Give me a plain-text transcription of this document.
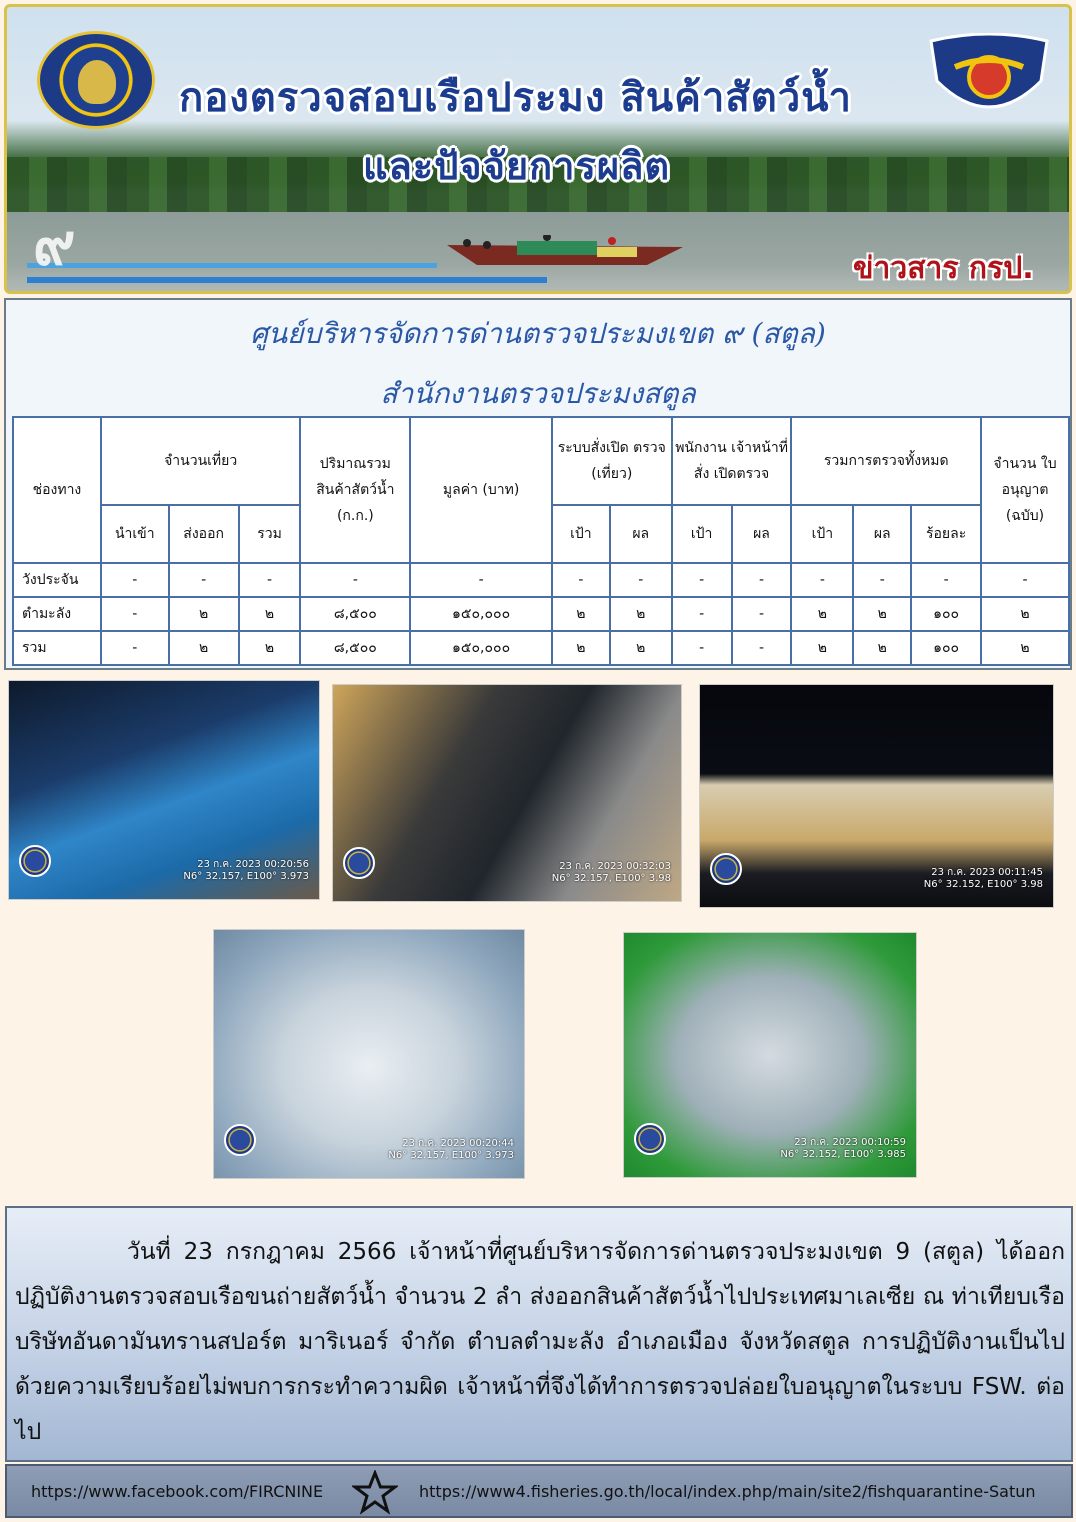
กองตรวจสอบเรือประมง สินค้าสัตว์น้ำ
และปัจจัยการผลิต
๙	ข่าวสาร กรป.
ศูนย์บริหารจัดการด่านตรวจประมงเขต ๙ (สตูล)
สำนักงานตรวจประมงสตูล
ช่องทาง	จำนวนเที่ยว			ปริมาณรวม สินค้าสัตว์น้ำ (ก.ก.)	มูลค่า (บาท)	ระบบสั่งเปิด ตรวจ (เที่ยว)		พนักงาน เจ้าหน้าที่สั่ง เปิดตรวจ		รวมการตรวจทั้งหมด			จำนวน ใบอนุญาต (ฉบับ)
	นำเข้า	ส่งออก	รวม			เป้า	ผล	เป้า	ผล	เป้า	ผล	ร้อยละ	
วังประจัน	-	-	-	-	-	-	-	-	-	-	-	-	-
ตำมะลัง	-	๒	๒	๘,๕๐๐	๑๕๐,๐๐๐	๒	๒	-	-	๒	๒	๑๐๐	๒
รวม	-	๒	๒	๘,๕๐๐	๑๕๐,๐๐๐	๒	๒	-	-	๒	๒	๑๐๐	๒
23 ก.ค. 2023 00:20:56
N6° 32.157, E100° 3.973
23 ก.ค. 2023 00:32:03
N6° 32.157, E100° 3.98
23 ก.ค. 2023 00:11:45
N6° 32.152, E100° 3.98
23 ก.ค. 2023 00:20:44
N6° 32.157, E100° 3.973
23 ก.ค. 2023 00:10:59
N6° 32.152, E100° 3.985

วันที่ 23 กรกฎาคม 2566 เจ้าหน้าที่ศูนย์บริหารจัดการด่านตรวจประมงเขต 9 (สตูล) ได้ออกปฏิบัติงานตรวจสอบเรือขนถ่ายสัตว์น้ำ จำนวน 2 ลำ ส่งออกสินค้าสัตว์น้ำไปประเทศมาเลเซีย ณ ท่าเทียบเรือบริษัทอันดามันทรานสปอร์ต มาริเนอร์ จำกัด ตำบลตำมะลัง อำเภอเมือง จังหวัดสตูล การปฏิบัติงานเป็นไปด้วยความเรียบร้อยไม่พบการกระทำความผิด เจ้าหน้าที่จึงได้ทำการตรวจปล่อยใบอนุญาตในระบบ FSW. ต่อไป

https://www.facebook.com/FIRCNINE	https://www4.fisheries.go.th/local/index.php/main/site2/fishquarantine-Satun
